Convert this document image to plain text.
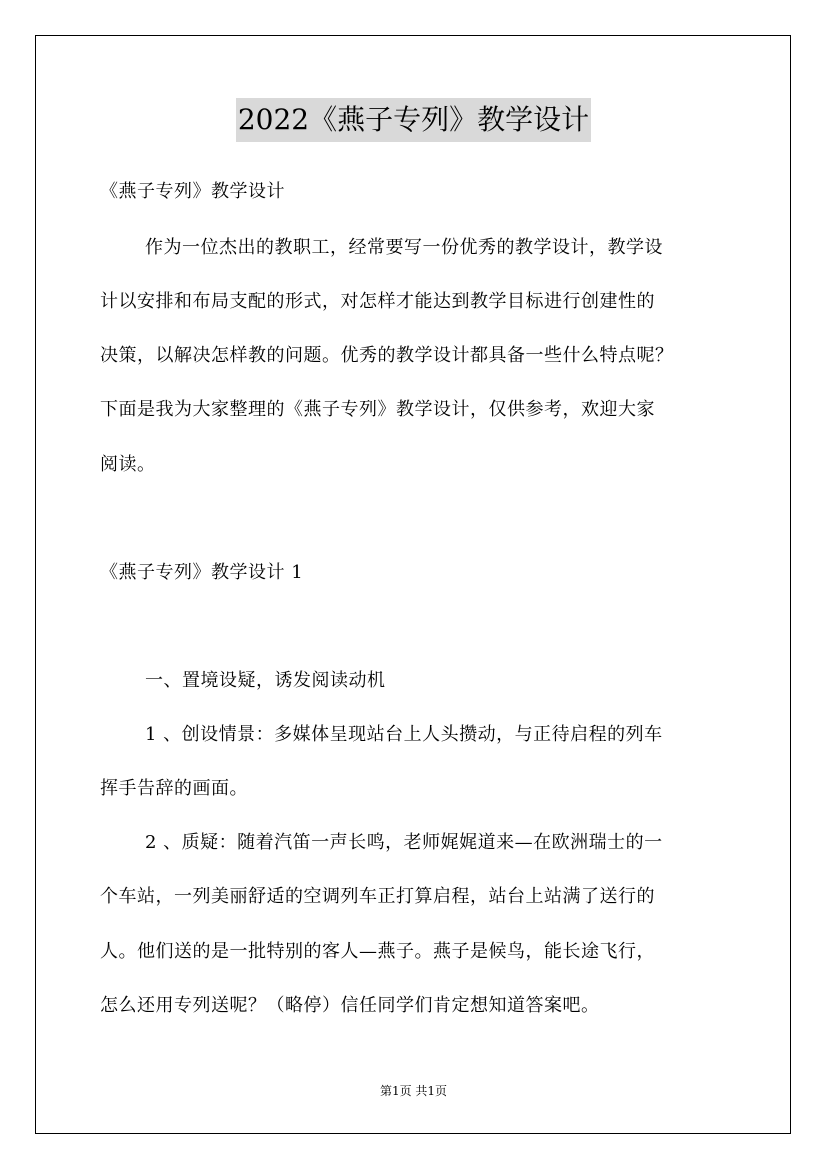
2022《燕子专列》教学设计
《燕子专列》教学设计
作为一位杰出的教职工，经常要写一份优秀的教学设计，教学设
计以安排和布局支配的形式，对怎样才能达到教学目标进行创建性的
决策，以解决怎样教的问题。优秀的教学设计都具备一些什么特点呢？
下面是我为大家整理的《燕子专列》教学设计，仅供参考，欢迎大家
阅读。
《燕子专列》教学设计 1
一、置境设疑，诱发阅读动机
1 、创设情景：多媒体呈现站台上人头攒动，与正待启程的列车
挥手告辞的画面。
2 、质疑：随着汽笛一声长鸣，老师娓娓道来—在欧洲瑞士的一
个车站，一列美丽舒适的空调列车正打算启程，站台上站满了送行的
人。他们送的是一批特别的客人—燕子。燕子是候鸟，能长途飞行，
怎么还用专列送呢？（略停）信任同学们肯定想知道答案吧。
第1页 共1页
